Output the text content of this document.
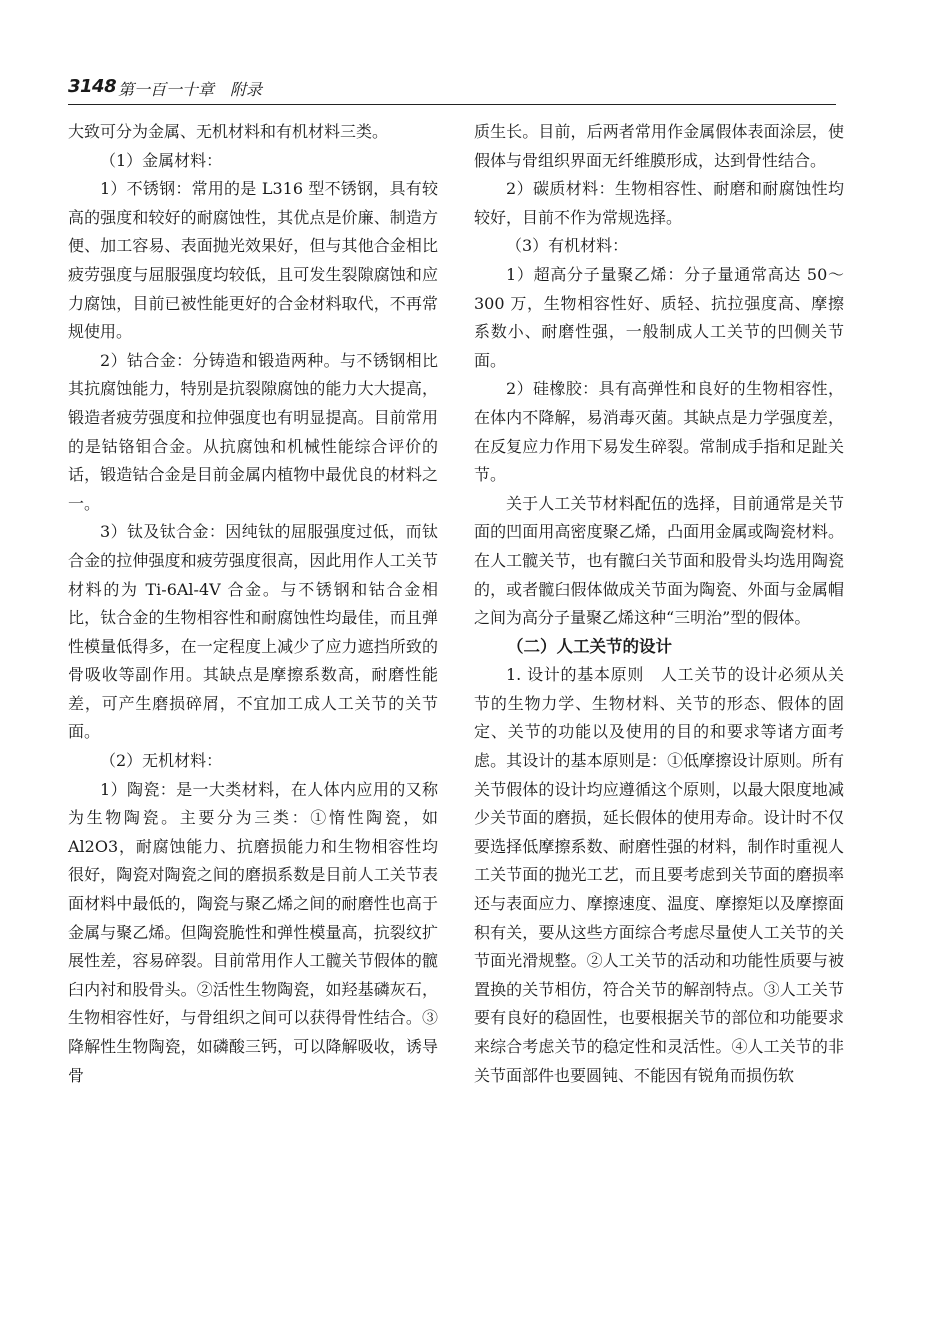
3148 第一百一十章　附录

大致可分为金属、无机材料和有机材料三类。

（1）金属材料：

1）不锈钢：常用的是 L316 型不锈钢，具有较高的强度和较好的耐腐蚀性，其优点是价廉、制造方便、加工容易、表面抛光效果好，但与其他合金相比疲劳强度与屈服强度均较低，且可发生裂隙腐蚀和应力腐蚀，目前已被性能更好的合金材料取代，不再常规使用。

2）钴合金：分铸造和锻造两种。与不锈钢相比其抗腐蚀能力，特别是抗裂隙腐蚀的能力大大提高，锻造者疲劳强度和拉伸强度也有明显提高。目前常用的是钴铬钼合金。从抗腐蚀和机械性能综合评价的话，锻造钴合金是目前金属内植物中最优良的材料之一。

3）钛及钛合金：因纯钛的屈服强度过低，而钛合金的拉伸强度和疲劳强度很高，因此用作人工关节材料的为 Ti-6Al-4V 合金。与不锈钢和钴合金相比，钛合金的生物相容性和耐腐蚀性均最佳，而且弹性模量低得多，在一定程度上减少了应力遮挡所致的骨吸收等副作用。其缺点是摩擦系数高，耐磨性能差，可产生磨损碎屑，不宜加工成人工关节的关节面。

（2）无机材料：

1）陶瓷：是一大类材料，在人体内应用的又称为生物陶瓷。主要分为三类：①惰性陶瓷，如 Al2O3，耐腐蚀能力、抗磨损能力和生物相容性均很好，陶瓷对陶瓷之间的磨损系数是目前人工关节表面材料中最低的，陶瓷与聚乙烯之间的耐磨性也高于金属与聚乙烯。但陶瓷脆性和弹性模量高，抗裂纹扩展性差，容易碎裂。目前常用作人工髋关节假体的髋臼内衬和股骨头。②活性生物陶瓷，如羟基磷灰石，生物相容性好，与骨组织之间可以获得骨性结合。③降解性生物陶瓷，如磷酸三钙，可以降解吸收，诱导骨

质生长。目前，后两者常用作金属假体表面涂层，使假体与骨组织界面无纤维膜形成，达到骨性结合。

2）碳质材料：生物相容性、耐磨和耐腐蚀性均较好，目前不作为常规选择。

（3）有机材料：

1）超高分子量聚乙烯：分子量通常高达 50～300 万，生物相容性好、质轻、抗拉强度高、摩擦系数小、耐磨性强，一般制成人工关节的凹侧关节面。

2）硅橡胶：具有高弹性和良好的生物相容性，在体内不降解，易消毒灭菌。其缺点是力学强度差，在反复应力作用下易发生碎裂。常制成手指和足趾关节。

关于人工关节材料配伍的选择，目前通常是关节面的凹面用高密度聚乙烯，凸面用金属或陶瓷材料。在人工髋关节，也有髋臼关节面和股骨头均选用陶瓷的，或者髋臼假体做成关节面为陶瓷、外面与金属帽之间为高分子量聚乙烯这种“三明治”型的假体。

（二）人工关节的设计

1. 设计的基本原则　人工关节的设计必须从关节的生物力学、生物材料、关节的形态、假体的固定、关节的功能以及使用的目的和要求等诸方面考虑。其设计的基本原则是：①低摩擦设计原则。所有关节假体的设计均应遵循这个原则，以最大限度地减少关节面的磨损，延长假体的使用寿命。设计时不仅要选择低摩擦系数、耐磨性强的材料，制作时重视人工关节面的抛光工艺，而且要考虑到关节面的磨损率还与表面应力、摩擦速度、温度、摩擦矩以及摩擦面积有关，要从这些方面综合考虑尽量使人工关节的关节面光滑规整。②人工关节的活动和功能性质要与被置换的关节相仿，符合关节的解剖特点。③人工关节要有良好的稳固性，也要根据关节的部位和功能要求来综合考虑关节的稳定性和灵活性。④人工关节的非关节面部件也要圆钝、不能因有锐角而损伤软
